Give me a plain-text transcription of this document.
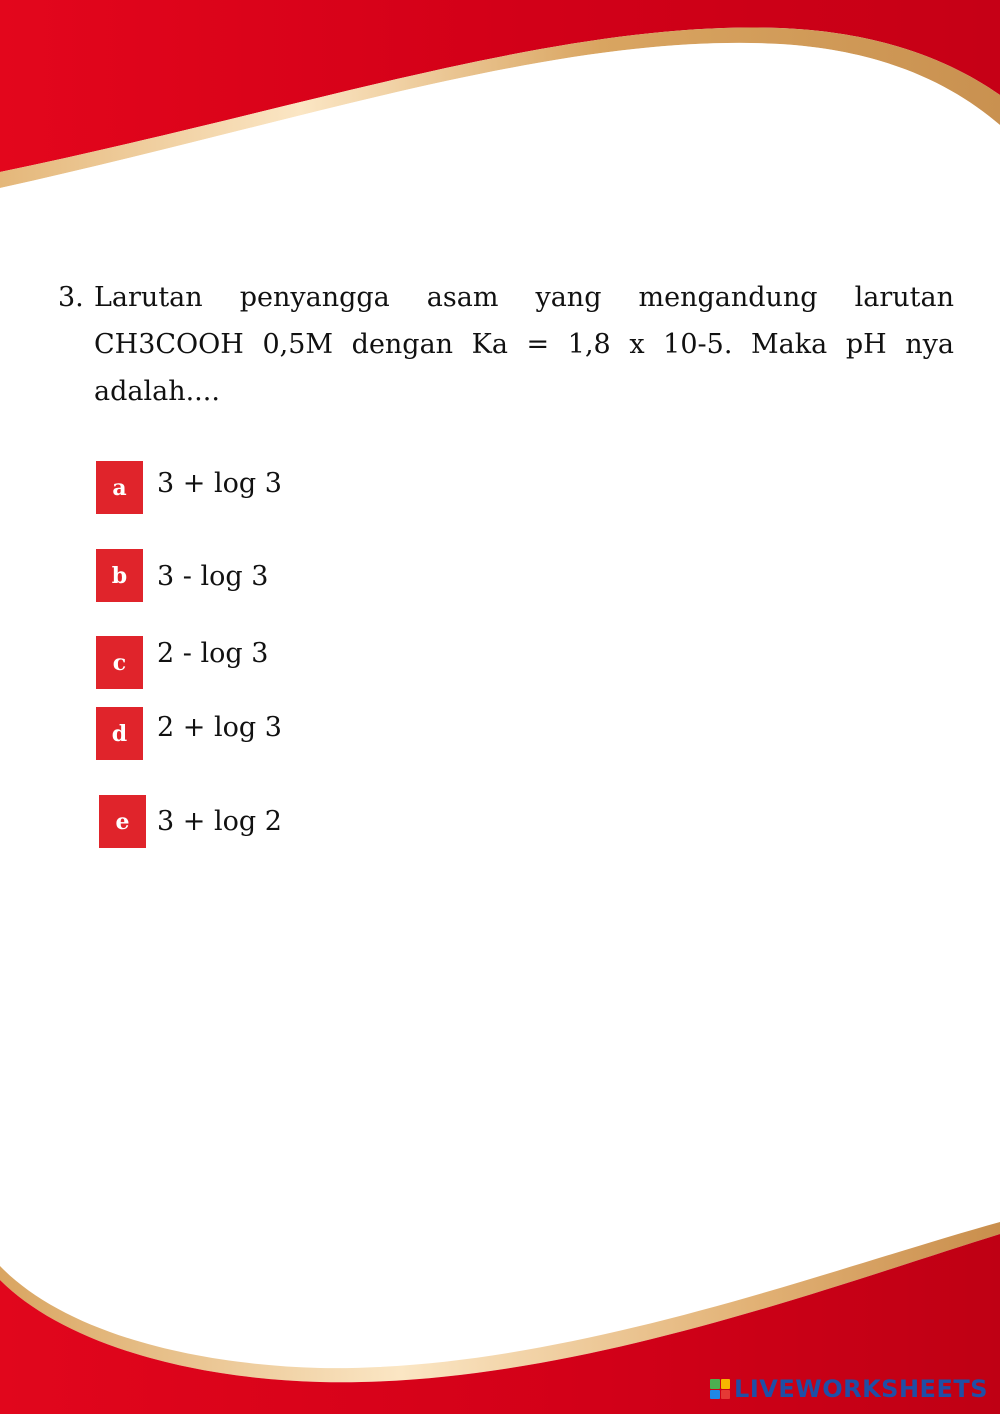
3. Larutan penyangga asam yang mengandung larutan CH3COOH 0,5M dengan Ka = 1,8 x 10-5. Maka pH nya adalah....
a	3 + log 3
b	3 - log 3
c	2 - log 3
d	2 + log 3
e	3 + log 2
LIVEWORKSHEETS
